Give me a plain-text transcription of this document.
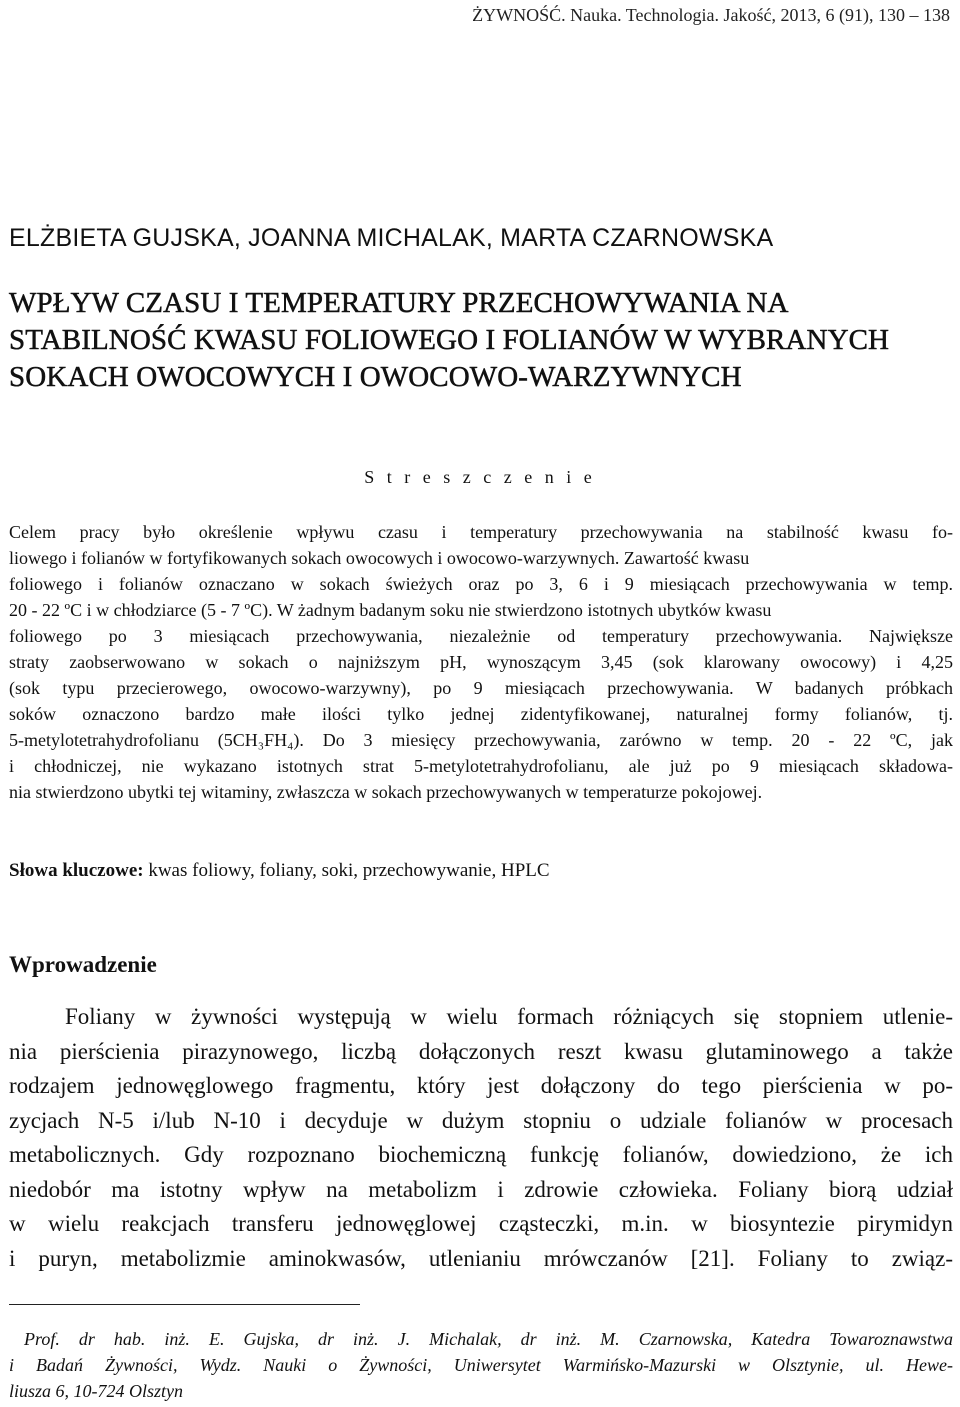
ŻYWNOŚĆ. Nauka. Technologia. Jakość, 2013, 6 (91), 130 – 138
ELŻBIETA GUJSKA, JOANNA MICHALAK, MARTA CZARNOWSKA
WPŁYW CZASU I TEMPERATURY PRZECHOWYWANIA NA
STABILNOŚĆ KWASU FOLIOWEGO I FOLIANÓW W WYBRANYCH
SOKACH OWOCOWYCH I OWOCOWO-WARZYWNYCH
S t r e s z c z e n i e
Celem pracy było określenie wpływu czasu i temperatury przechowywania na stabilność kwasu fo-
liowego i folianów w fortyfikowanych sokach owocowych i owocowo-warzywnych. Zawartość kwasu
foliowego i folianów oznaczano w sokach świeżych oraz po 3, 6 i 9 miesiącach przechowywania w temp.
20 - 22 ºC i w chłodziarce (5 - 7 ºC). W żadnym badanym soku nie stwierdzono istotnych ubytków kwasu
foliowego po 3 miesiącach przechowywania, niezależnie od temperatury przechowywania. Największe
straty zaobserwowano w sokach o najniższym pH, wynoszącym 3,45 (sok klarowany owocowy) i 4,25
(sok typu przecierowego, owocowo-warzywny), po 9 miesiącach przechowywania. W badanych próbkach
soków oznaczono bardzo małe ilości tylko jednej zidentyfikowanej, naturalnej formy folianów, tj.
5-metylotetrahydrofolianu (5CH₃FH₄). Do 3 miesięcy przechowywania, zarówno w temp. 20 - 22 ºC, jak
i chłodniczej, nie wykazano istotnych strat 5-metylotetrahydrofolianu, ale już po 9 miesiącach składowa-
nia stwierdzono ubytki tej witaminy, zwłaszcza w sokach przechowywanych w temperaturze pokojowej.
Słowa kluczowe: kwas foliowy, foliany, soki, przechowywanie, HPLC
Wprowadzenie
Foliany w żywności występują w wielu formach różniących się stopniem utlenie-
nia pierścienia pirazynowego, liczbą dołączonych reszt kwasu glutaminowego a także
rodzajem jednowęglowego fragmentu, który jest dołączony do tego pierścienia w po-
zycjach N-5 i/lub N-10 i decyduje w dużym stopniu o udziale folianów w procesach
metabolicznych. Gdy rozpoznano biochemiczną funkcję folianów, dowiedziono, że ich
niedobór ma istotny wpływ na metabolizm i zdrowie człowieka. Foliany biorą udział
w wielu reakcjach transferu jednowęglowej cząsteczki, m.in. w biosyntezie pirymidyn
i puryn, metabolizmie aminokwasów, utlenianiu mrówczanów [21]. Foliany to związ-
Prof. dr hab. inż. E. Gujska, dr inż. J. Michalak, dr inż. M. Czarnowska, Katedra Towaroznawstwa
i Badań Żywności, Wydz. Nauki o Żywności, Uniwersytet Warmińsko-Mazurski w Olsztynie, ul. Hewe-
liusza 6, 10-724 Olsztyn
